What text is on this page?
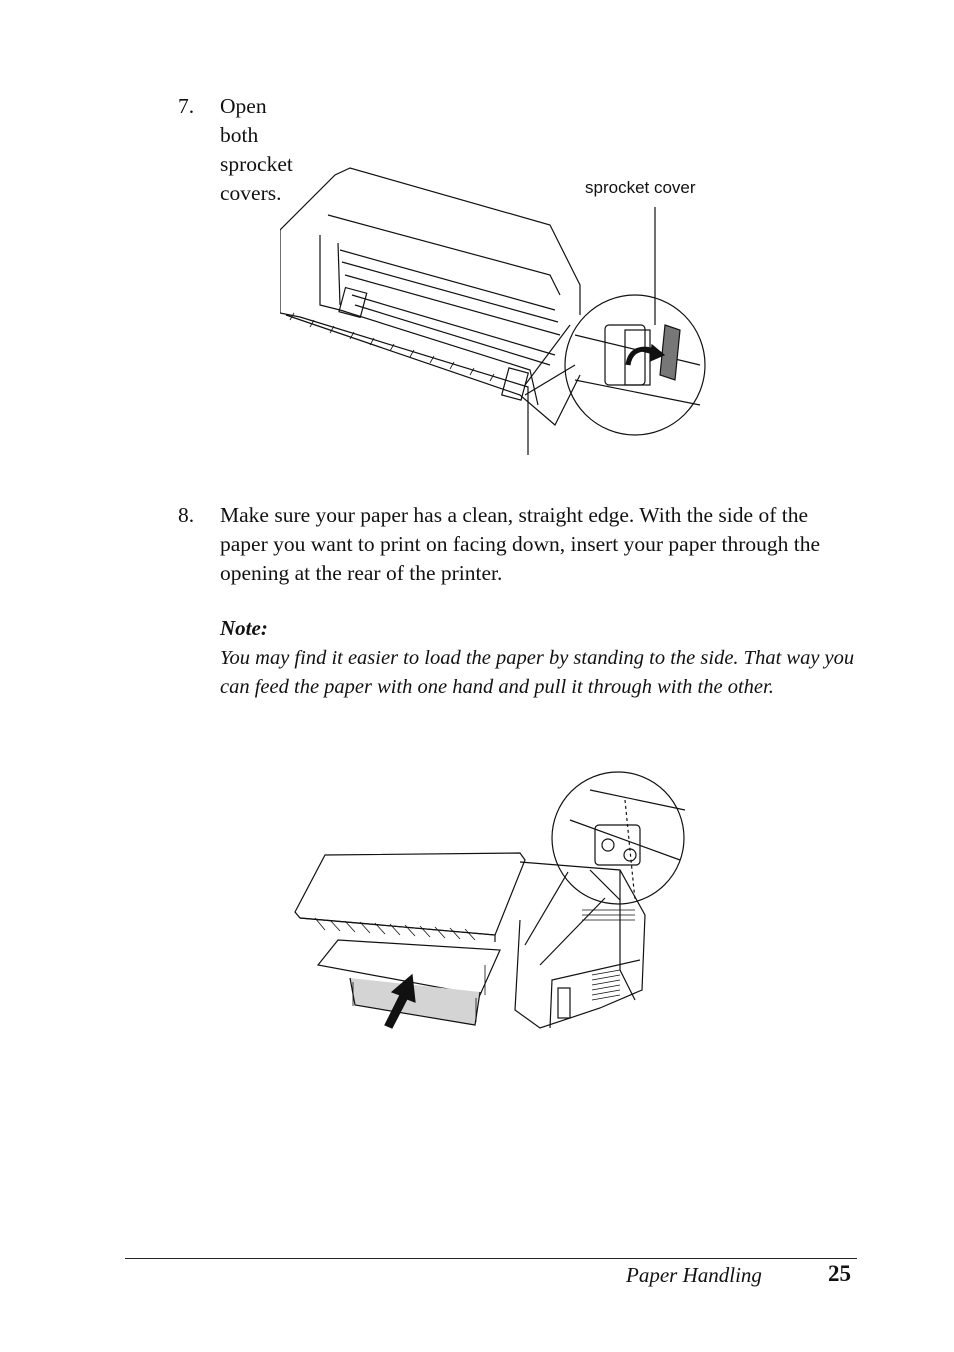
7. Open both sprocket covers.	sprocket cover
8. Make sure your paper has a clean, straight edge. With the side of the paper you want to print on facing down, insert your paper through the opening at the rear of the printer.
Note:
You may find it easier to load the paper by standing to the side. That way you can feed the paper with one hand and pull it through with the other.
Paper Handling	25
